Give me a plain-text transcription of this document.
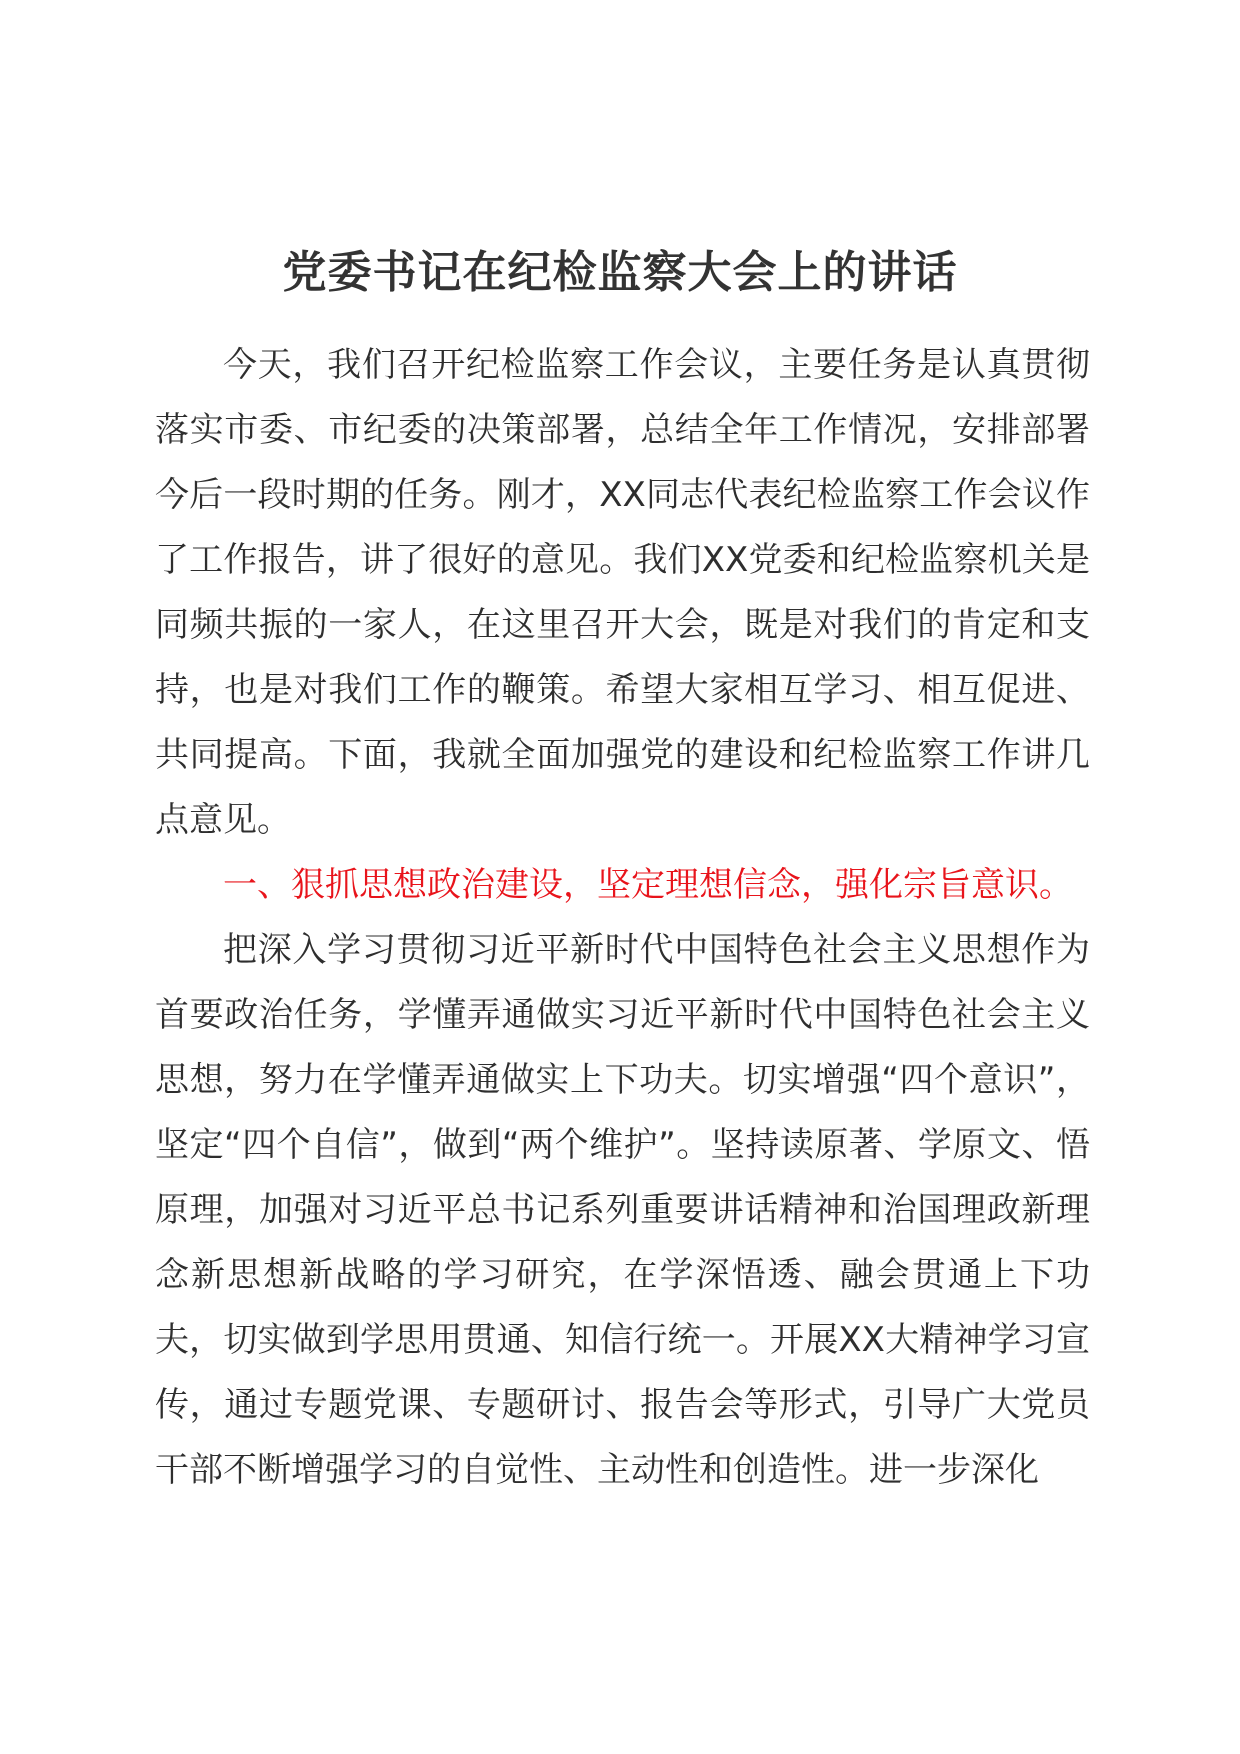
党委书记在纪检监察大会上的讲话

今天，我们召开纪检监察工作会议，主要任务是认真贯彻落实市委、市纪委的决策部署，总结全年工作情况，安排部署今后一段时期的任务。刚才，XX同志代表纪检监察工作会议作了工作报告，讲了很好的意见。我们XX党委和纪检监察机关是同频共振的一家人，在这里召开大会，既是对我们的肯定和支持，也是对我们工作的鞭策。希望大家相互学习、相互促进、共同提高。下面，我就全面加强党的建设和纪检监察工作讲几点意见。

一、狠抓思想政治建设，坚定理想信念，强化宗旨意识。

把深入学习贯彻习近平新时代中国特色社会主义思想作为首要政治任务，学懂弄通做实习近平新时代中国特色社会主义思想，努力在学懂弄通做实上下功夫。切实增强“四个意识”，坚定“四个自信”，做到“两个维护”。坚持读原著、学原文、悟原理，加强对习近平总书记系列重要讲话精神和治国理政新理念新思想新战略的学习研究，在学深悟透、融会贯通上下功夫，切实做到学思用贯通、知信行统一。开展XX大精神学习宣传，通过专题党课、专题研讨、报告会等形式，引导广大党员干部不断增强学习的自觉性、主动性和创造性。进一步深化
